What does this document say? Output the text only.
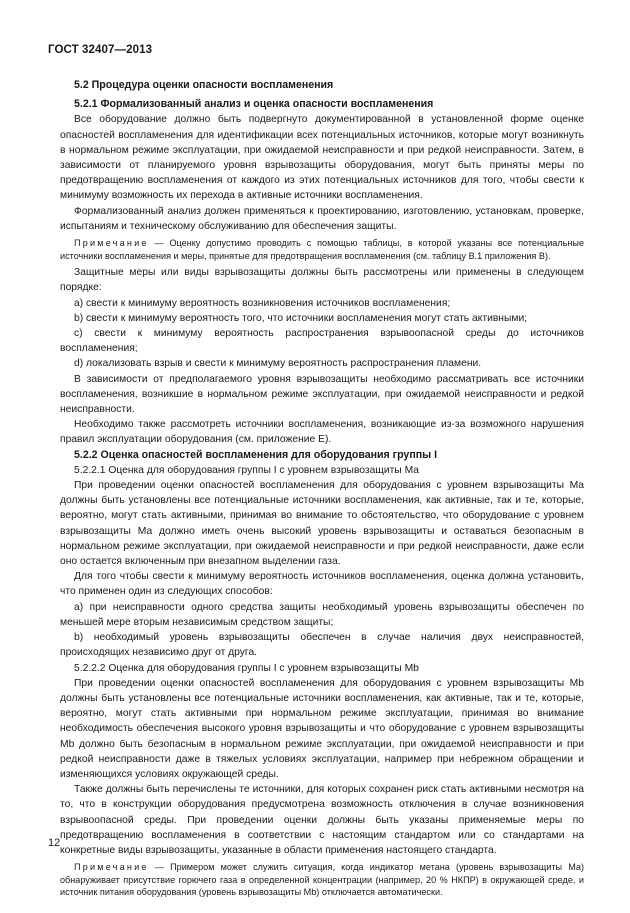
ГОСТ 32407—2013
5.2 Процедура оценки опасности воспламенения
5.2.1 Формализованный анализ и оценка опасности воспламенения

Все оборудование должно быть подвергнуто документированной в установленной форме оценке опасностей воспламенения для идентификации всех потенциальных источников, которые могут возникнуть в нормальном режиме эксплуатации, при ожидаемой неисправности и при редкой неисправности. Затем, в зависимости от планируемого уровня взрывозащиты оборудования, могут быть приняты меры по предотвращению воспламенения от каждого из этих потенциальных источников для того, чтобы свести к минимуму возможность их перехода в активные источники воспламенения.

Формализованный анализ должен применяться к проектированию, изготовлению, установкам, проверке, испытаниям и техническому обслуживанию для обеспечения защиты.

Примечание — Оценку допустимо проводить с помощью таблицы, в которой указаны все потенциальные источники воспламенения и меры, принятые для предотвращения воспламенения (см. таблицу В.1 приложения В).

Защитные меры или виды взрывозащиты должны быть рассмотрены или применены в следующем порядке:

а) свести к минимуму вероятность возникновения источников воспламенения;

b) свести к минимуму вероятность того, что источники воспламенения могут стать активными;

с) свести к минимуму вероятность распространения взрывоопасной среды до источников воспламенения;

d) локализовать взрыв и свести к минимуму вероятность распространения пламени.

В зависимости от предполагаемого уровня взрывозащиты необходимо рассматривать все источники воспламенения, возникшие в нормальном режиме эксплуатации, при ожидаемой неисправности и редкой неисправности.

Необходимо также рассмотреть источники воспламенения, возникающие из-за возможного нарушения правил эксплуатации оборудования (см. приложение Е).

5.2.2 Оценка опасностей воспламенения для оборудования группы I

5.2.2.1 Оценка для оборудования группы I с уровнем взрывозащиты Ма

При проведении оценки опасностей воспламенения для оборудования с уровнем взрывозащиты Ма должны быть установлены все потенциальные источники воспламенения, как активные, так и те, которые, вероятно, могут стать активными, принимая во внимание то обстоятельство, что оборудование с уровнем взрывозащиты Ма должно иметь очень высокий уровень взрывозащиты и оставаться безопасным в нормальном режиме эксплуатации, при ожидаемой неисправности и при редкой неисправности, даже если оно остается включенным при внезапном выделении газа.

Для того чтобы свести к минимуму вероятность источников воспламенения, оценка должна установить, что применен один из следующих способов:

а) при неисправности одного средства защиты необходимый уровень взрывозащиты обеспечен по меньшей мере вторым независимым средством защиты;

b) необходимый уровень взрывозащиты обеспечен в случае наличия двух неисправностей, происходящих независимо друг от друга.

5.2.2.2 Оценка для оборудования группы I с уровнем взрывозащиты Mb

При проведении оценки опасностей воспламенения для оборудования с уровнем взрывозащиты Mb должны быть установлены все потенциальные источники воспламенения, как активные, так и те, которые, вероятно, могут стать активными при нормальном режиме эксплуатации, принимая во внимание необходимость обеспечения высокого уровня взрывозащиты и что оборудование с уровнем взрывозащиты Mb должно быть безопасным в нормальном режиме эксплуатации, при ожидаемой неисправности и при редкой неисправности даже в тяжелых условиях эксплуатации, например при небрежном обращении и изменяющихся условиях окружающей среды.

Также должны быть перечислены те источники, для которых сохранен риск стать активными несмотря на то, что в конструкции оборудования предусмотрена возможность отключения в случае возникновения взрывоопасной среды. При проведении оценки должны быть указаны применяемые меры по предотвращению воспламенения в соответствии с настоящим стандартом или со стандартами на конкретные виды взрывозащиты, указанные в области применения настоящего стандарта.

Примечание — Примером может служить ситуация, когда индикатор метана (уровень взрывозащиты Ма) обнаруживает присутствие горючего газа в определенной концентрации (например, 20 % НКПР) в окружающей среде, и источник питания оборудования (уровень взрывозащиты Mb) отключается автоматически.

12
